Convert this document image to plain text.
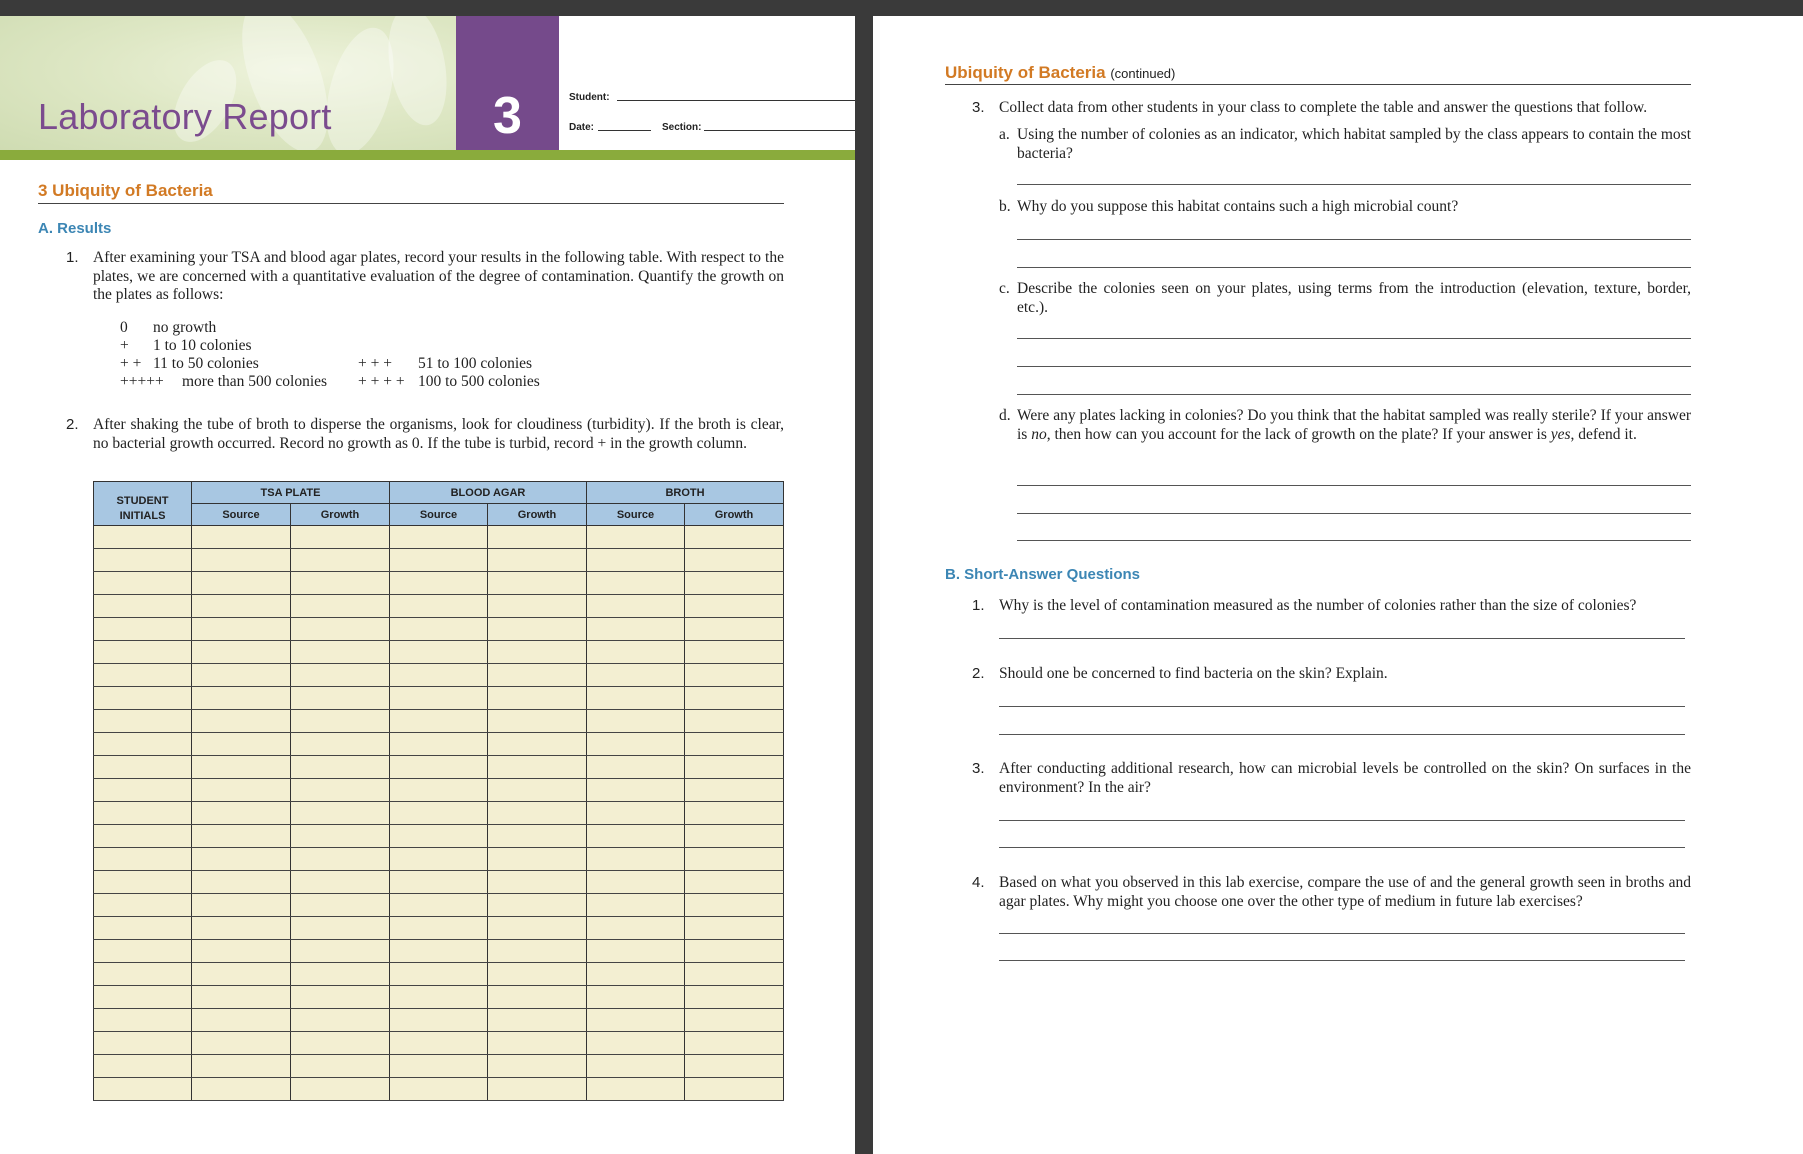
Laboratory Report	3	Student:
Date:	Section:
3 Ubiquity of Bacteria
A. Results
1. After examining your TSA and blood agar plates, record your results in the following table. With respect to the plates, we are concerned with a quantitative evaluation of the degree of contamination. Quantify the growth on the plates as follows:
0 no growth
+ 1 to 10 colonies
+ + 11 to 50 colonies	+ + + 51 to 100 colonies
+++++ more than 500 colonies + + + + 100 to 500 colonies
2. After shaking the tube of broth to disperse the organisms, look for cloudiness (turbidity). If the broth is clear, no bacterial growth occurred. Record no growth as 0. If the tube is turbid, record + in the growth column.
STUDENT
INITIALS	TSA PLATE		BLOOD AGAR		BROTH	
	Source	Growth	Source	Growth	Source	Growth

Ubiquity of Bacteria (continued)
3. Collect data from other students in your class to complete the table and answer the questions that follow.
a. Using the number of colonies as an indicator, which habitat sampled by the class appears to contain the most bacteria?
b. Why do you suppose this habitat contains such a high microbial count?
c. Describe the colonies seen on your plates, using terms from the introduction (elevation, texture, border, etc.).
d. Were any plates lacking in colonies? Do you think that the habitat sampled was really sterile? If your answer is no, then how can you account for the lack of growth on the plate? If your answer is yes, defend it.
B. Short-Answer Questions
1. Why is the level of contamination measured as the number of colonies rather than the size of colonies?
2. Should one be concerned to find bacteria on the skin? Explain.
3. After conducting additional research, how can microbial levels be controlled on the skin? On surfaces in the environment? In the air?
4. Based on what you observed in this lab exercise, compare the use of and the general growth seen in broths and agar plates. Why might you choose one over the other type of medium in future lab exercises?
